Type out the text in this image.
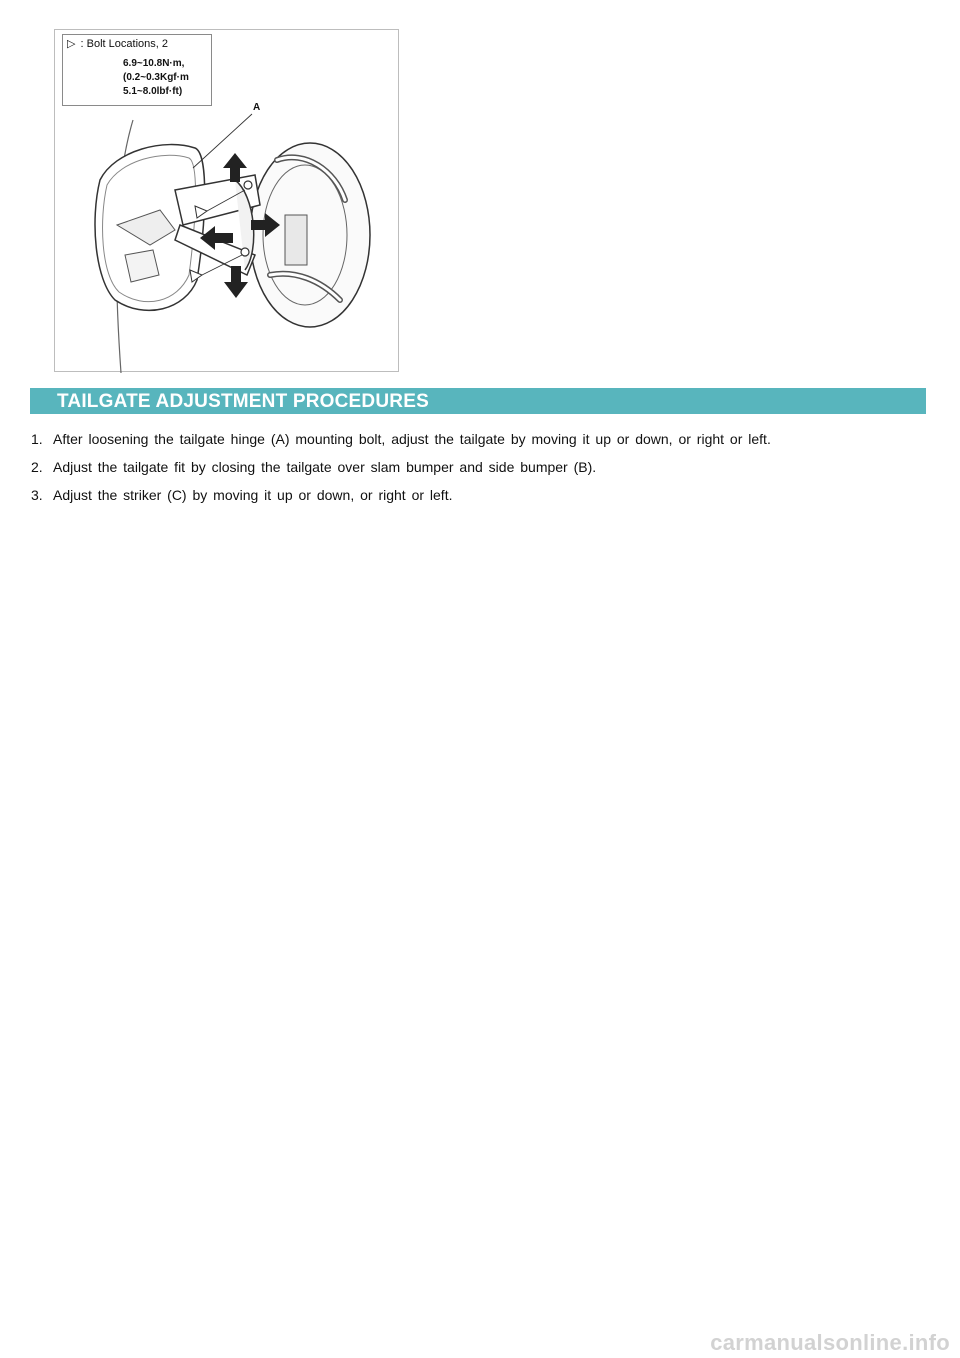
▷ : Bolt Locations, 2
6.9~10.8N·m,
(0.2~0.3Kgf·m
5.1~8.0lbf·ft)
A
TAILGATE ADJUSTMENT PROCEDURES
1. After loosening the tailgate hinge (A) mounting bolt, adjust the tailgate by moving it up or down, or right or left.
2. Adjust the tailgate fit by closing the tailgate over slam bumper and side bumper (B).
3. Adjust the striker (C) by moving it up or down, or right or left.
carmanualsonline.info
